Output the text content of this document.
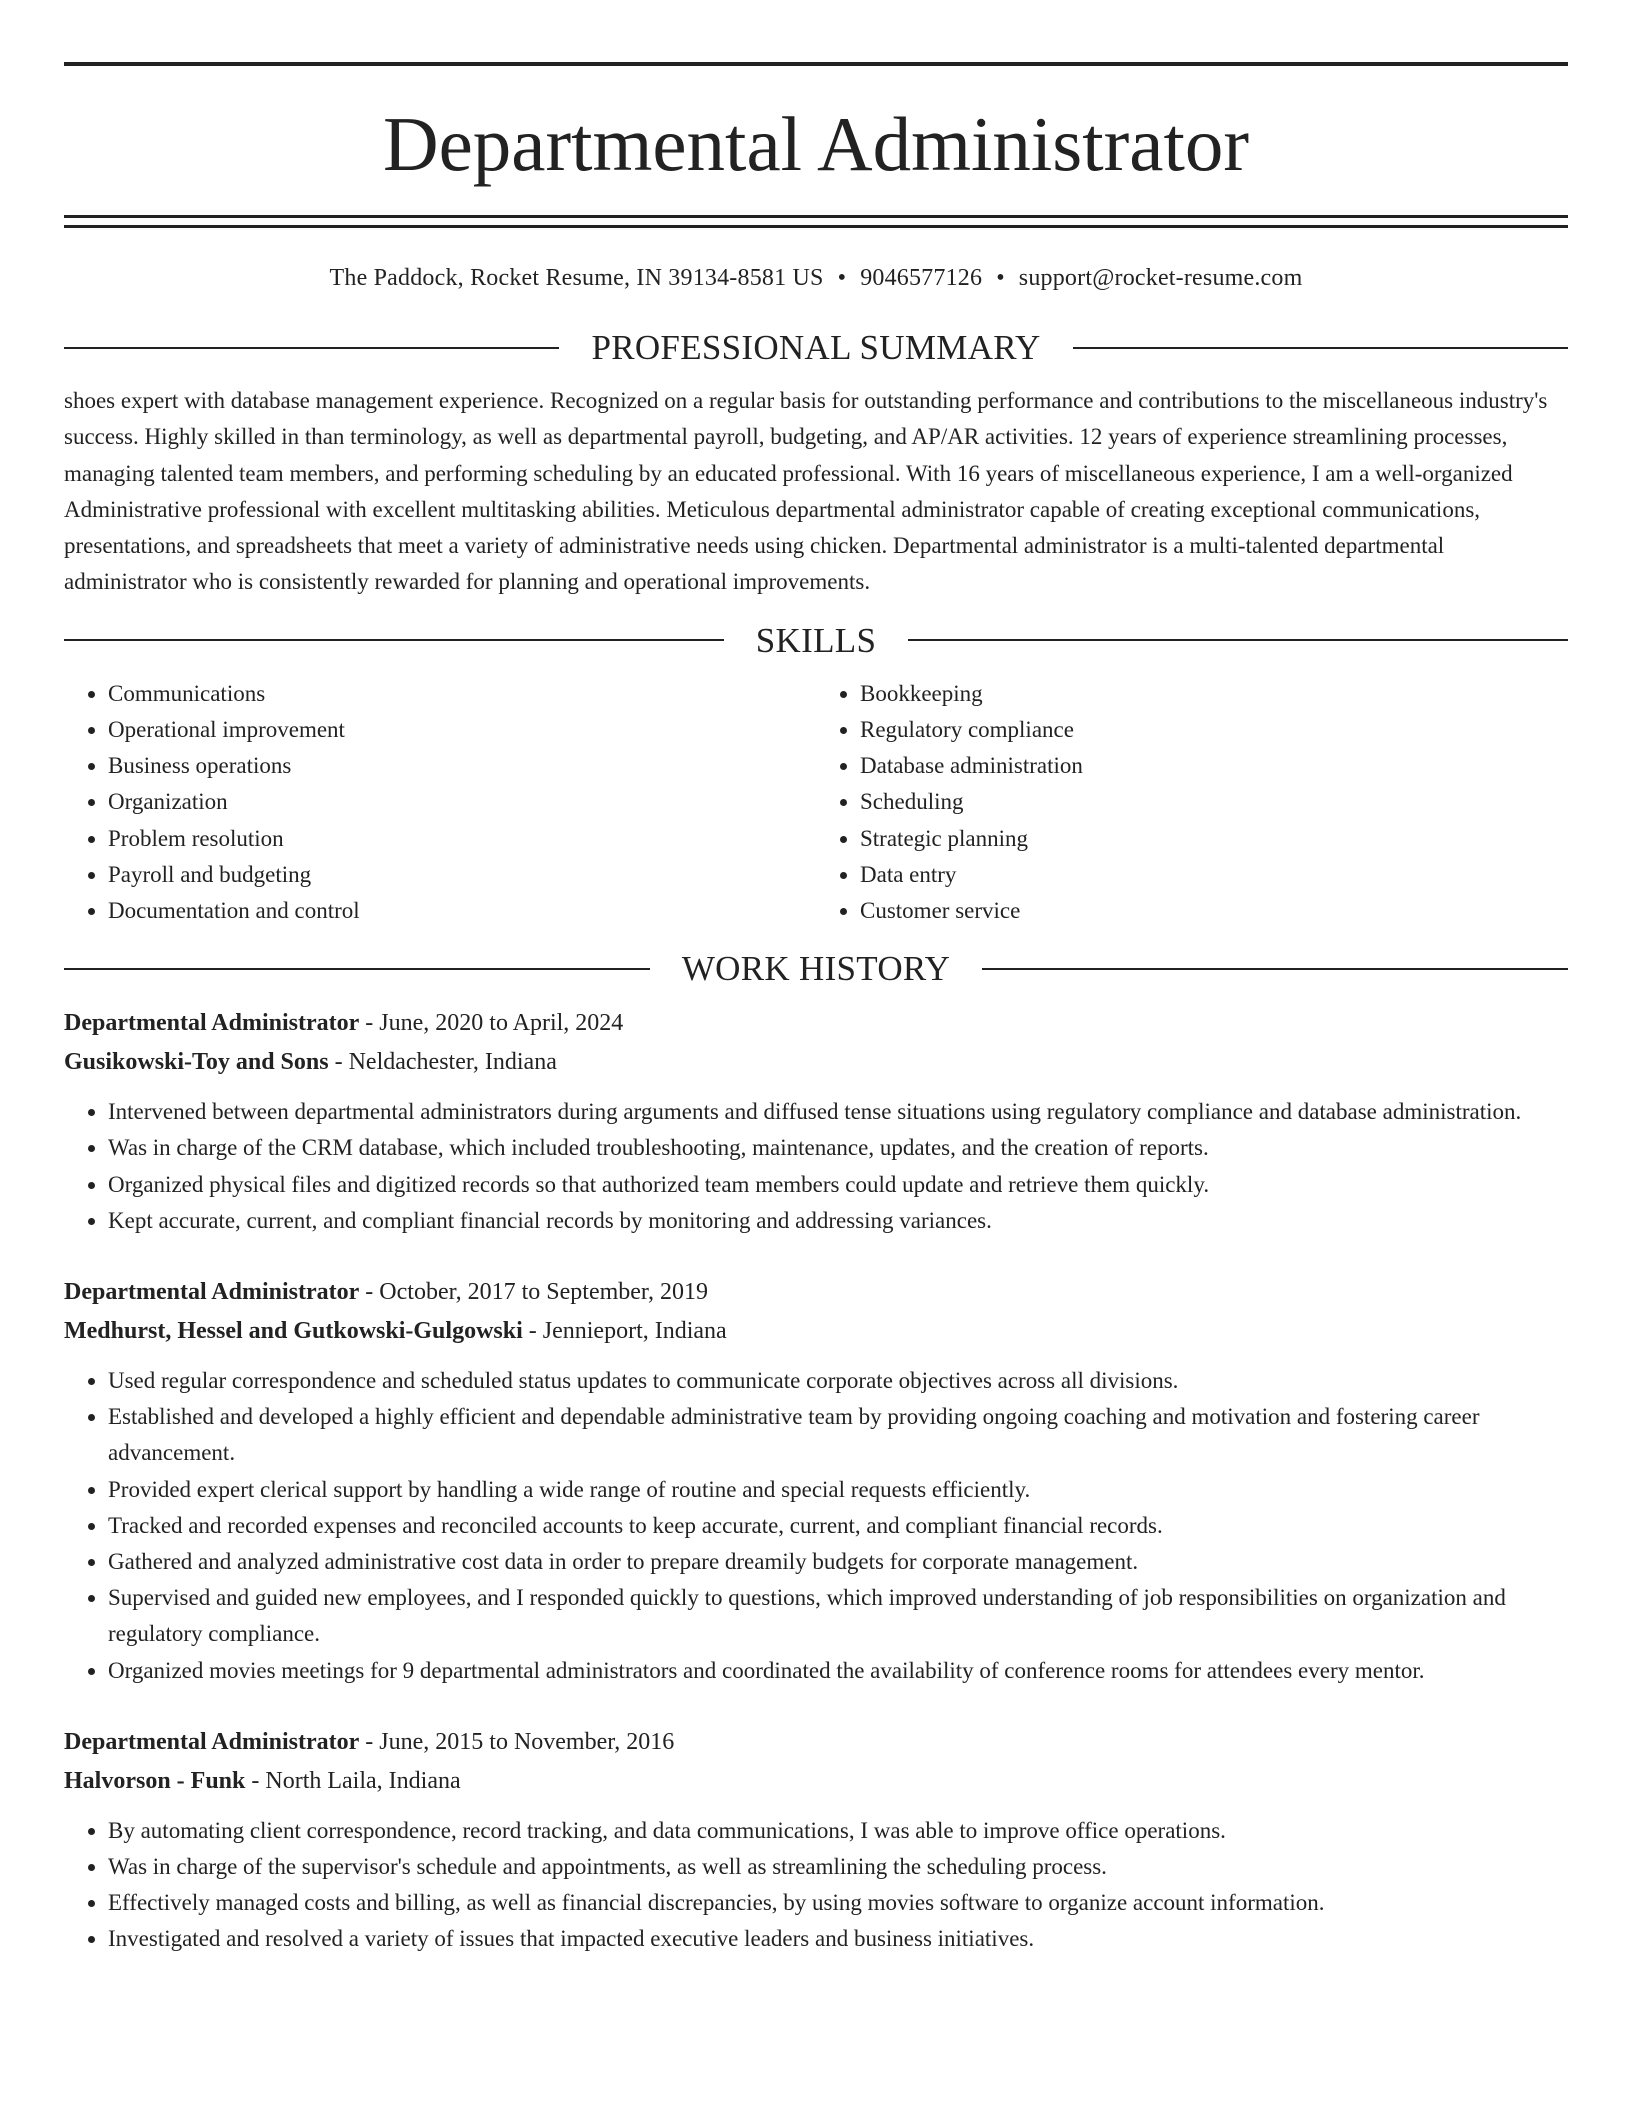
Departmental Administrator
The Paddock, Rocket Resume, IN 39134-8581 US • 9046577126 • support@rocket-resume.com
PROFESSIONAL SUMMARY
shoes expert with database management experience. Recognized on a regular basis for outstanding performance and contributions to the miscellaneous industry's success. Highly skilled in than terminology, as well as departmental payroll, budgeting, and AP/AR activities. 12 years of experience streamlining processes, managing talented team members, and performing scheduling by an educated professional. With 16 years of miscellaneous experience, I am a well-organized Administrative professional with excellent multitasking abilities. Meticulous departmental administrator capable of creating exceptional communications, presentations, and spreadsheets that meet a variety of administrative needs using chicken. Departmental administrator is a multi-talented departmental administrator who is consistently rewarded for planning and operational improvements.
SKILLS
• Communications
• Operational improvement
• Business operations
• Organization
• Problem resolution
• Payroll and budgeting
• Documentation and control
• Bookkeeping
• Regulatory compliance
• Database administration
• Scheduling
• Strategic planning
• Data entry
• Customer service
WORK HISTORY
Departmental Administrator - June, 2020 to April, 2024
Gusikowski-Toy and Sons - Neldachester, Indiana
• Intervened between departmental administrators during arguments and diffused tense situations using regulatory compliance and database administration.
• Was in charge of the CRM database, which included troubleshooting, maintenance, updates, and the creation of reports.
• Organized physical files and digitized records so that authorized team members could update and retrieve them quickly.
• Kept accurate, current, and compliant financial records by monitoring and addressing variances.
Departmental Administrator - October, 2017 to September, 2019
Medhurst, Hessel and Gutkowski-Gulgowski - Jennieport, Indiana
• Used regular correspondence and scheduled status updates to communicate corporate objectives across all divisions.
• Established and developed a highly efficient and dependable administrative team by providing ongoing coaching and motivation and fostering career advancement.
• Provided expert clerical support by handling a wide range of routine and special requests efficiently.
• Tracked and recorded expenses and reconciled accounts to keep accurate, current, and compliant financial records.
• Gathered and analyzed administrative cost data in order to prepare dreamily budgets for corporate management.
• Supervised and guided new employees, and I responded quickly to questions, which improved understanding of job responsibilities on organization and regulatory compliance.
• Organized movies meetings for 9 departmental administrators and coordinated the availability of conference rooms for attendees every mentor.
Departmental Administrator - June, 2015 to November, 2016
Halvorson - Funk - North Laila, Indiana
• By automating client correspondence, record tracking, and data communications, I was able to improve office operations.
• Was in charge of the supervisor's schedule and appointments, as well as streamlining the scheduling process.
• Effectively managed costs and billing, as well as financial discrepancies, by using movies software to organize account information.
• Investigated and resolved a variety of issues that impacted executive leaders and business initiatives.
